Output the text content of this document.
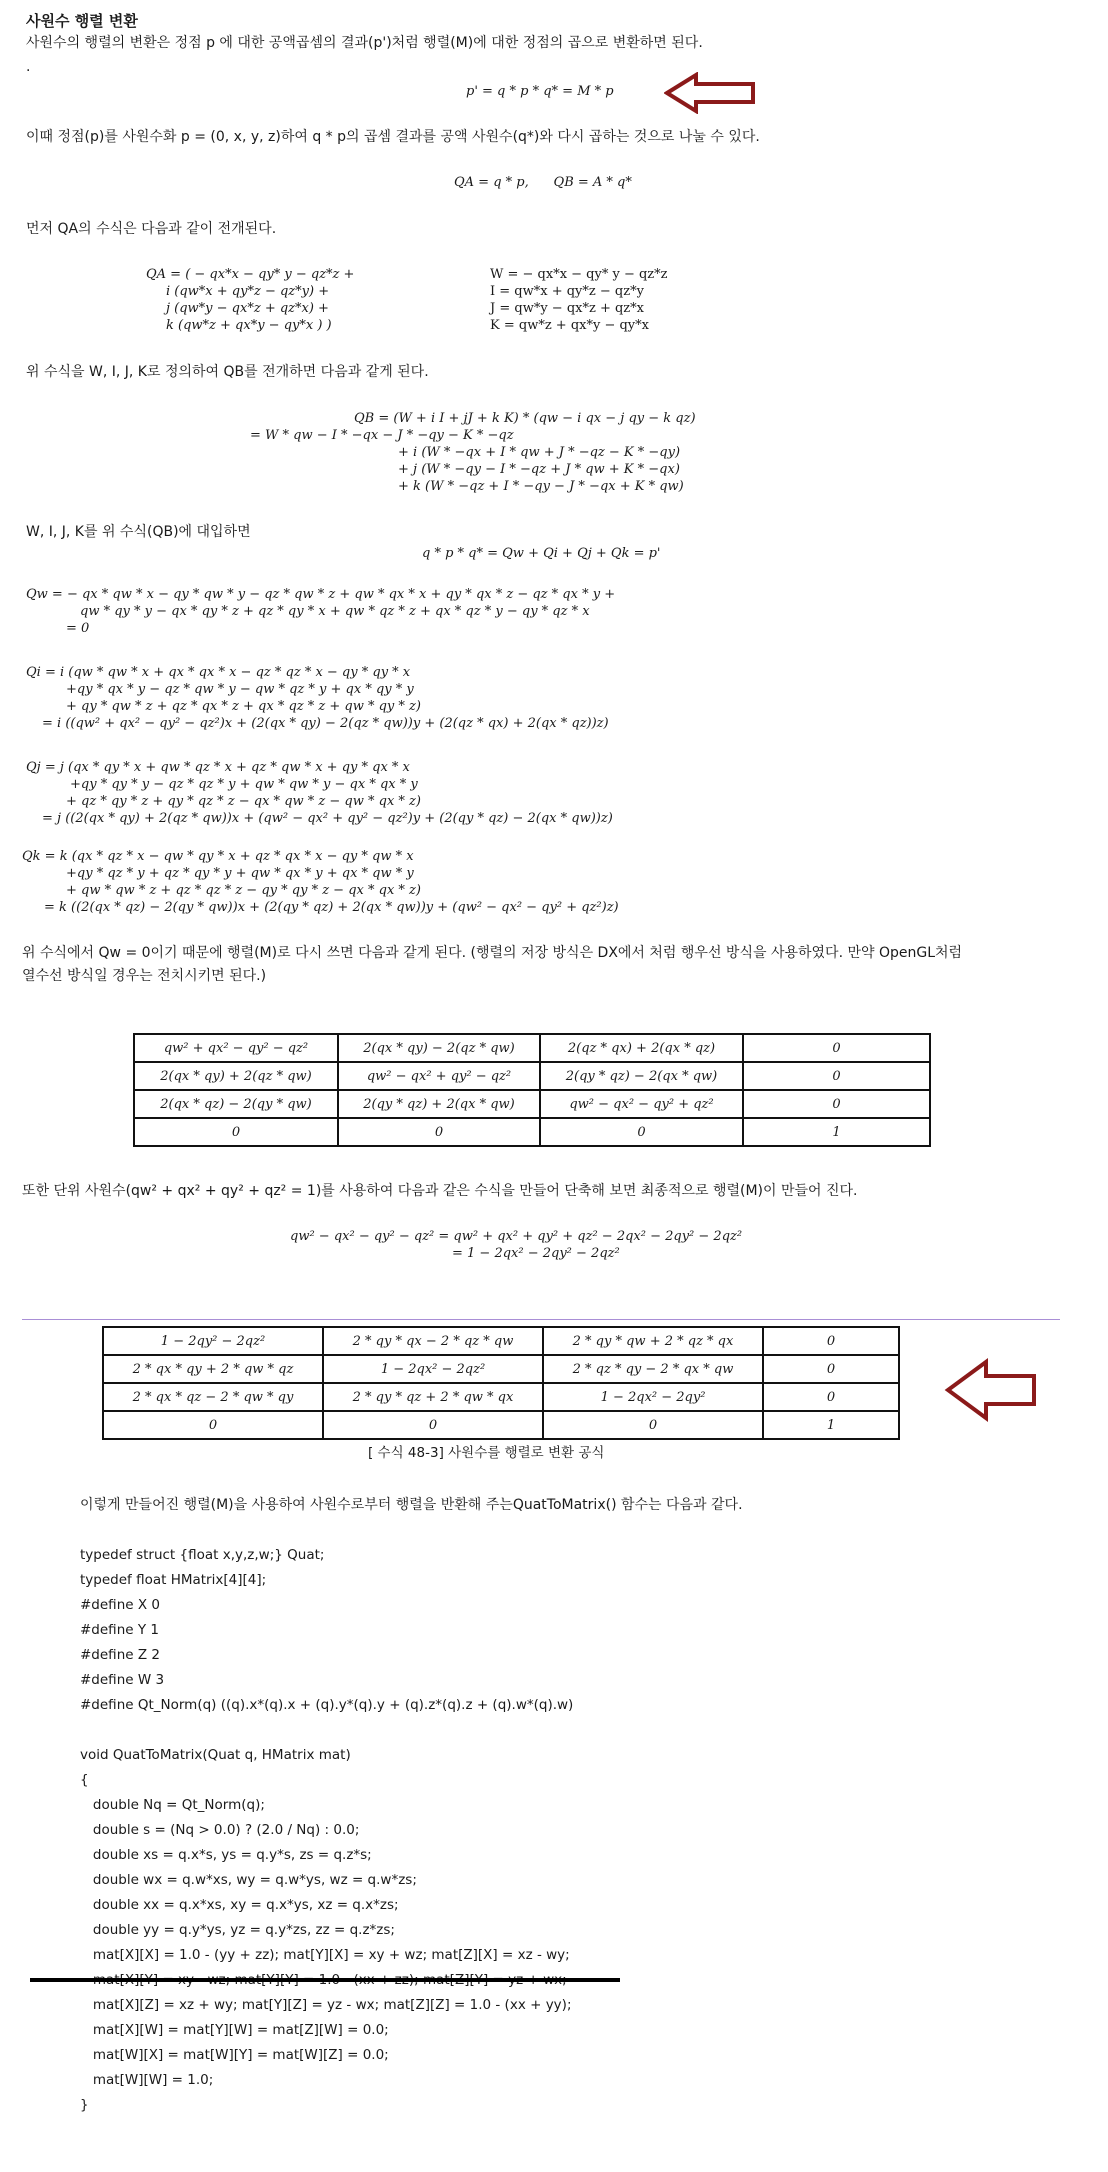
사원수 행렬 변환
사원수의 행렬의 변환은 정점 p 에 대한 공액곱셈의 결과(p')처럼 행렬(M)에 대한 정점의 곱으로 변환하면 된다.
.
p' = q * p * q* = M * p
이때 정점(p)를 사원수화 p = (0, x, y, z)하여 q * p의 곱셈 결과를 공액 사원수(q*)와 다시 곱하는 것으로 나눌 수 있다.
QA = q * p,      QB = A * q*
먼저 QA의 수식은 다음과 같이 전개된다.
QA = ( − qx*x − qy* y − qz*z +
i (qw*x + qy*z − qz*y) +
j (qw*y − qx*z + qz*x) +
k (qw*z + qx*y − qy*x ) )
W = − qx*x − qy* y − qz*z
I = qw*x + qy*z − qz*y
J = qw*y − qx*z + qz*x
K = qw*z + qx*y − qy*x
위 수식을 W, I, J, K로 정의하여 QB를 전개하면 다음과 같게 된다.
QB = (W + i I + jJ + k K) * (qw − i qx − j qy − k qz)
= W * qw − I * −qx − J * −qy − K * −qz
+ i (W * −qx + I * qw + J * −qz − K * −qy)
+ j (W * −qy − I * −qz + J * qw + K * −qx)
+ k (W * −qz + I * −qy − J * −qx + K * qw)
W, I, J, K를 위 수식(QB)에 대입하면
q * p * q* = Qw + Qi + Qj + Qk = p'
Qw = − qx * qw * x − qy * qw * y − qz * qw * z + qw * qx * x + qy * qx * z − qz * qx * y +
qw * qy * y − qx * qy * z + qz * qy * x + qw * qz * z + qx * qz * y − qy * qz * x
= 0
Qi = i (qw * qw * x + qx * qx * x − qz * qz * x − qy * qy * x
+qy * qx * y − qz * qw * y − qw * qz * y + qx * qy * y
+ qy * qw * z + qz * qx * z + qx * qz * z + qw * qy * z)
= i ((qw² + qx² − qy² − qz²)x + (2(qx * qy) − 2(qz * qw))y + (2(qz * qx) + 2(qx * qz))z)
Qj = j (qx * qy * x + qw * qz * x + qz * qw * x + qy * qx * x
+qy * qy * y − qz * qz * y + qw * qw * y − qx * qx * y
+ qz * qy * z + qy * qz * z − qx * qw * z − qw * qx * z)
= j ((2(qx * qy) + 2(qz * qw))x + (qw² − qx² + qy² − qz²)y + (2(qy * qz) − 2(qx * qw))z)
Qk = k (qx * qz * x − qw * qy * x + qz * qx * x − qy * qw * x
+qy * qz * y + qz * qy * y + qw * qx * y + qx * qw * y
+ qw * qw * z + qz * qz * z − qy * qy * z − qx * qx * z)
= k ((2(qx * qz) − 2(qy * qw))x + (2(qy * qz) + 2(qx * qw))y + (qw² − qx² − qy² + qz²)z)
위 수식에서 Qw = 0이기 때문에 행렬(M)로 다시 쓰면 다음과 같게 된다. (행렬의 저장 방식은 DX에서 처럼 행우선 방식을 사용하였다. 만약 OpenGL처럼
열수선 방식일 경우는 전치시키면 된다.)
qw² + qx² − qy² − qz²	2(qx * qy) − 2(qz * qw)	2(qz * qx) + 2(qx * qz)	0
2(qx * qy) + 2(qz * qw)	qw² − qx² + qy² − qz²	2(qy * qz) − 2(qx * qw)	0
2(qx * qz) − 2(qy * qw)	2(qy * qz) + 2(qx * qw)	qw² − qx² − qy² + qz²	0
0	0	0	1
또한 단위 사원수(qw² + qx² + qy² + qz² = 1)를 사용하여 다음과 같은 수식을 만들어 단축해 보면 최종적으로 행렬(M)이 만들어 진다.
qw² − qx² − qy² − qz² = qw² + qx² + qy² + qz² − 2qx² − 2qy² − 2qz²
= 1 − 2qx² − 2qy² − 2qz²
1 − 2qy² − 2qz²	2 * qy * qx − 2 * qz * qw	2 * qy * qw + 2 * qz * qx	0
2 * qx * qy + 2 * qw * qz	1 − 2qx² − 2qz²	2 * qz * qy − 2 * qx * qw	0
2 * qx * qz − 2 * qw * qy	2 * qy * qz + 2 * qw * qx	1 − 2qx² − 2qy²	0
0	0	0	1
[ 수식 48-3] 사원수를 행렬로 변환 공식
이렇게 만들어진 행렬(M)을 사용하여 사원수로부터 행렬을 반환해 주는QuatToMatrix() 함수는 다음과 같다.
typedef struct {float x,y,z,w;} Quat;
typedef float HMatrix[4][4];
#define X 0
#define Y 1
#define Z 2
#define W 3
#define Qt_Norm(q) ((q).x*(q).x + (q).y*(q).y + (q).z*(q).z + (q).w*(q).w)
void QuatToMatrix(Quat q, HMatrix mat)
{
double Nq = Qt_Norm(q);
double s = (Nq > 0.0) ? (2.0 / Nq) : 0.0;
double xs = q.x*s, ys = q.y*s, zs = q.z*s;
double wx = q.w*xs, wy = q.w*ys, wz = q.w*zs;
double xx = q.x*xs, xy = q.x*ys, xz = q.x*zs;
double yy = q.y*ys, yz = q.y*zs, zz = q.z*zs;
mat[X][X] = 1.0 - (yy + zz); mat[Y][X] = xy + wz; mat[Z][X] = xz - wy;
mat[X][Z] = xz + wy; mat[Y][Z] = yz - wx; mat[Z][Z] = 1.0 - (xx + yy);
mat[X][W] = mat[Y][W] = mat[Z][W] = 0.0;
mat[W][X] = mat[W][Y] = mat[W][Z] = 0.0;
mat[W][W] = 1.0;
}
